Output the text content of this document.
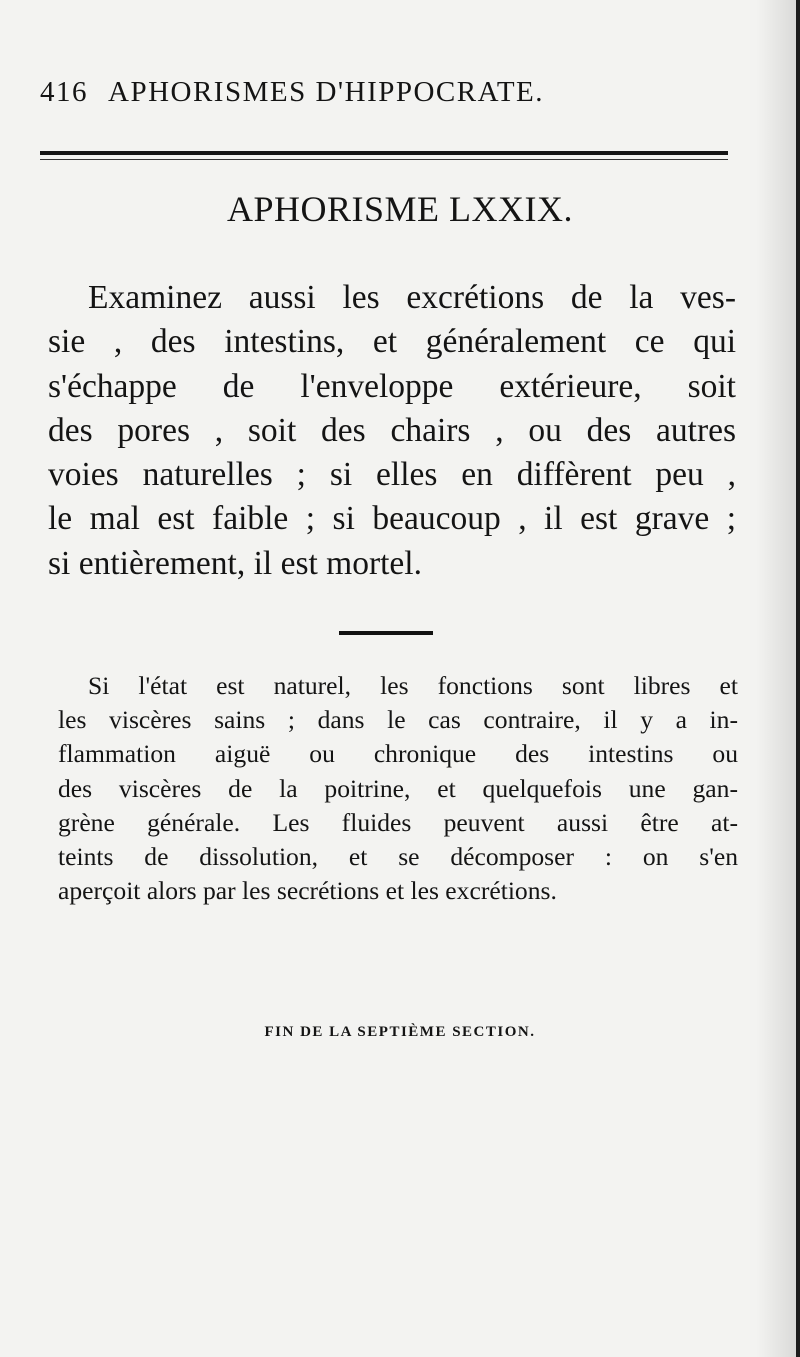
416 APHORISMES D'HIPPOCRATE.
APHORISME LXXIX.
Examinez aussi les excrétions de la ves-
sie , des intestins, et généralement ce qui
s'échappe de l'enveloppe extérieure, soit
des pores , soit des chairs , ou des autres
voies naturelles ; si elles en diffèrent peu ,
le mal est faible ; si beaucoup , il est grave ;
si entièrement, il est mortel.
Si l'état est naturel, les fonctions sont libres et
les viscères sains ; dans le cas contraire, il y a in-
flammation aiguë ou chronique des intestins ou
des viscères de la poitrine, et quelquefois une gan-
grène générale. Les fluides peuvent aussi être at-
teints de dissolution, et se décomposer : on s'en
aperçoit alors par les secrétions et les excrétions.
FIN DE LA SEPTIÈME SECTION.
